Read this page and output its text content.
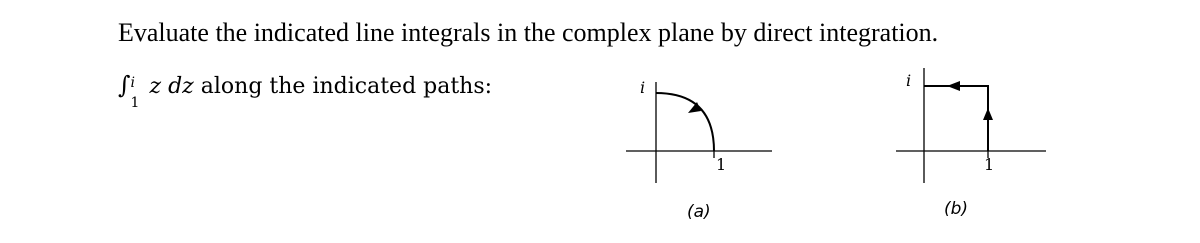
Evaluate the indicated line integrals in the complex plane by direct integration.
∫ i
1
z dz along the indicated paths:	i
1
(a)
i
1
(b)
